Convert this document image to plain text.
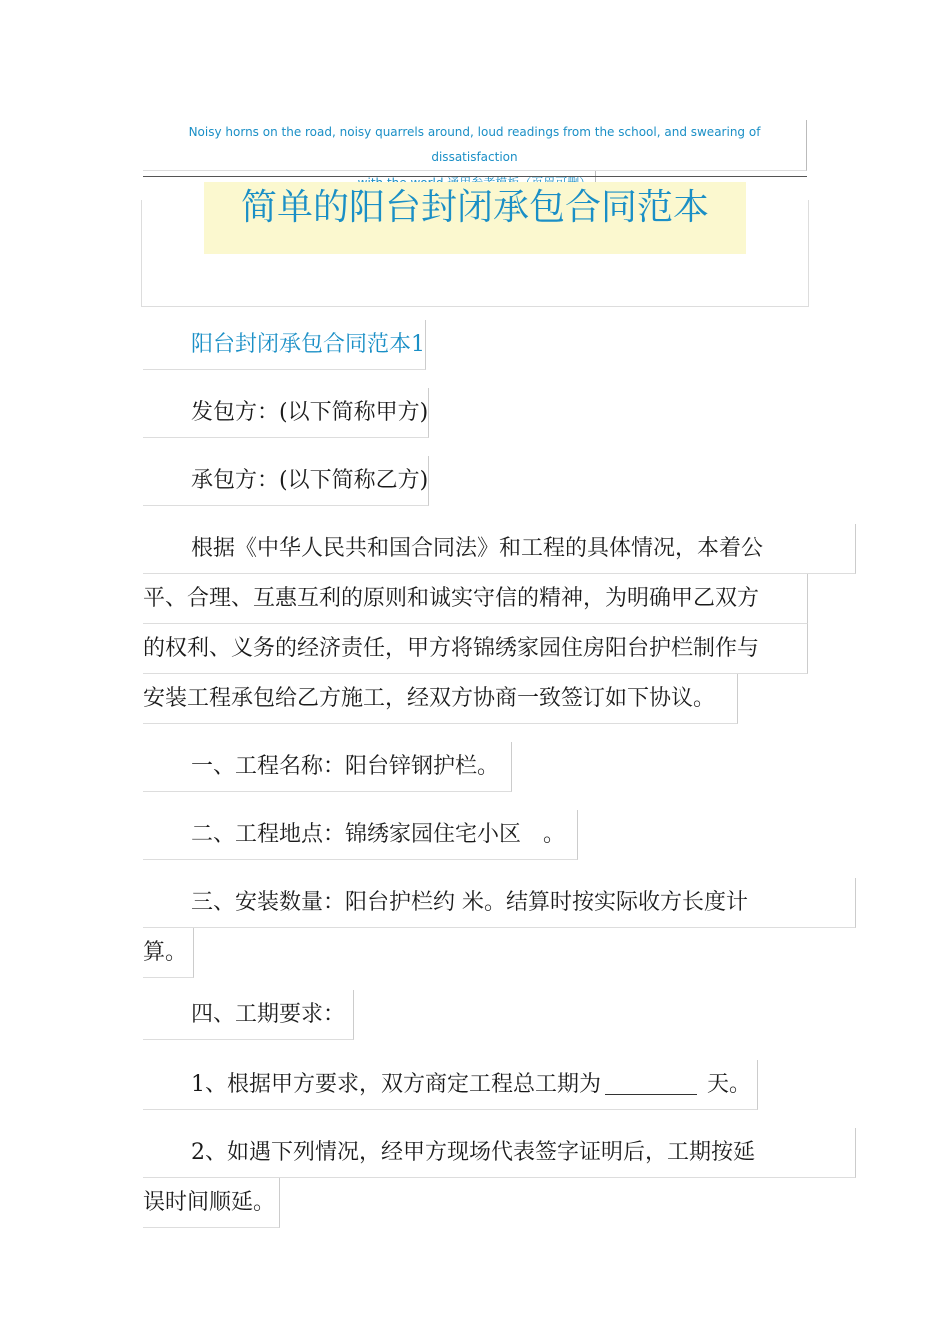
Noisy horns on the road, noisy quarrels around, loud readings from the school, and swearing of dissatisfaction

简单的阳台封闭承包合同范本
阳台封闭承包合同范本1
发包方：(以下简称甲方)
承包方：(以下简称乙方)
根据《中华人民共和国合同法》和工程的具体情况，本着公
平、合理、互惠互利的原则和诚实守信的精神，为明确甲乙双方
的权利、义务的经济责任，甲方将锦绣家园住房阳台护栏制作与
安装工程承包给乙方施工，经双方协商一致签订如下协议。
一、工程名称：阳台锌钢护栏。
二、工程地点：锦绣家园住宅小区　。
三、安装数量：阳台护栏约 米。结算时按实际收方长度计
算。
四、工期要求：
1、根据甲方要求，双方商定工程总工期为	天。
2、如遇下列情况，经甲方现场代表签字证明后，工期按延
误时间顺延。
